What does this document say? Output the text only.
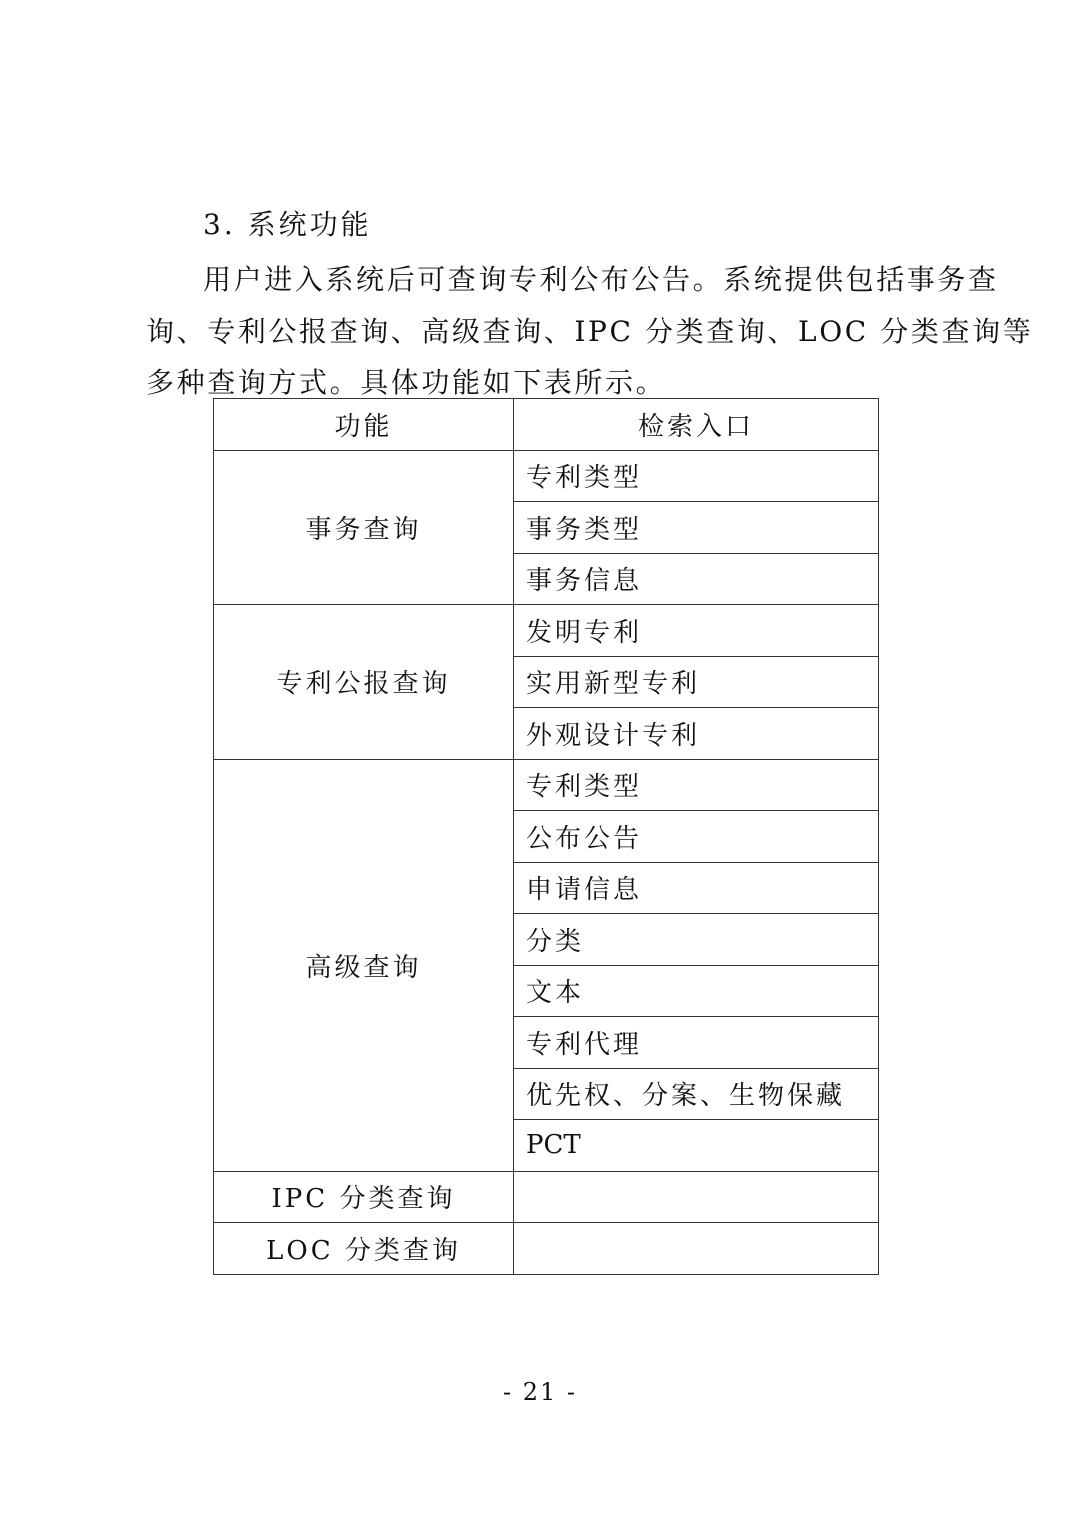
3. 系统功能

用户进入系统后可查询专利公布公告。系统提供包括事务查
询、专利公报查询、高级查询、IPC 分类查询、LOC 分类查询等
多种查询方式。具体功能如下表所示。

功能	检索入口
事务查询	专利类型
	事务类型
	事务信息
专利公报查询	发明专利
	实用新型专利
	外观设计专利
高级查询	专利类型
	公布公告
	申请信息
	分类
	文本
	专利代理
	优先权、分案、生物保藏
	PCT
IPC 分类查询	
LOC 分类查询	
- 21 -
